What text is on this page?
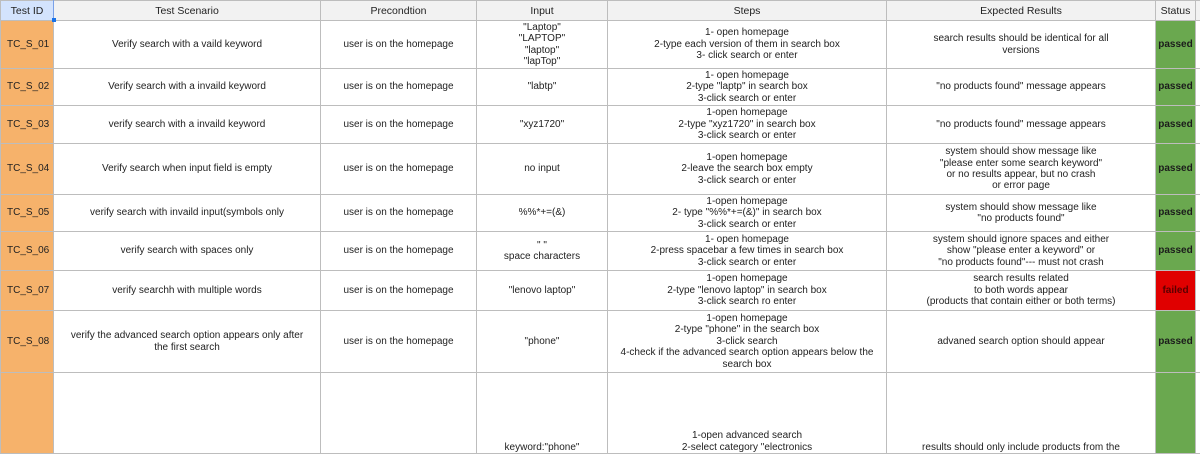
Test ID	Test Scenario	Precondtion	Input	Steps	Expected Results	Status	
TC_S_01	Verify search with a vaild keyword	user is on the homepage	"Laptop"
"LAPTOP"
"laptop"
"lapTop"	1- open homepage
2-type each version of them in search box
3- click search or enter	search results should be identical for all
versions	passed	
TC_S_02	Verify search with a invaild keyword	user is on the homepage	"labtp"	1- open homepage
2-type "laptp" in search box
3-click search or enter	"no products found" message appears	passed	
TC_S_03	verify search with a invaild keyword	user is on the homepage	"xyz1720"	1-open homepage
2-type "xyz1720" in search box
3-click search or enter	"no products found" message appears	passed	
TC_S_04	Verify search when input field is empty	user is on the homepage	no input	1-open homepage
2-leave the search box empty
3-click search or enter	system should show message like
"please enter some search keyword"
or no results appear, but no crash
or error page	passed	
TC_S_05	verify search with invaild input(symbols only	user is on the homepage	%%*+=(&)	1-open homepage
2- type "%%*+=(&)" in search box
3-click search or enter	system should show message like
"no products found"	passed	
TC_S_06	verify search with spaces only	user is on the homepage	" "
space characters	1- open homepage
2-press spacebar a few times in search box
3-click search or enter	system should ignore spaces and either
show "please enter a keyword" or
"no products found"--- must not crash	passed	
TC_S_07	verify searchh with multiple words	user is on the homepage	"lenovo laptop"	1-open homepage
2-type "lenovo laptop" in search box
3-click search ro enter	search results related
to both words appear
(products that contain either or both terms)	failed	
TC_S_08	verify the advanced search option appears only after
the first search	user is on the homepage	"phone"	1-open homepage
2-type "phone" in the search box
3-click search
4-check if the advanced search option appears below the
search box	advaned search option should appear	passed	
			keyword:"phone"	1-open advanced search
2-select category "electronics	results should only include products from the		
